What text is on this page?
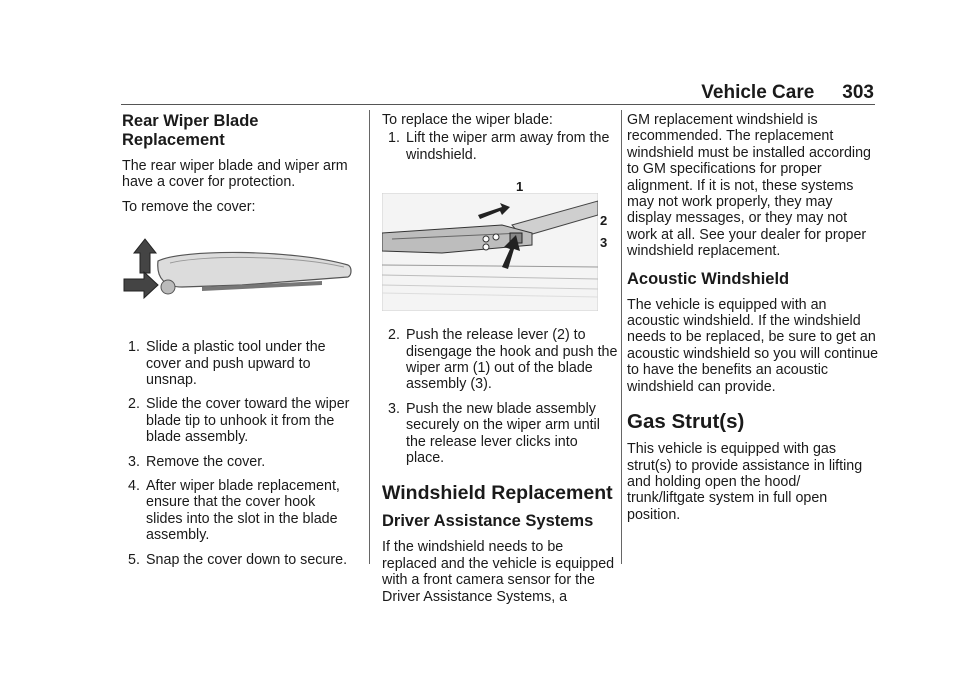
Vehicle Care 303
Rear Wiper Blade Replacement

The rear wiper blade and wiper arm have a cover for protection.

To remove the cover:

1. Slide a plastic tool under the cover and push upward to unsnap.
2. Slide the cover toward the wiper blade tip to unhook it from the blade assembly.
3. Remove the cover.
4. After wiper blade replacement, ensure that the cover hook slides into the slot in the blade assembly.
5. Snap the cover down to secure.

To replace the wiper blade:

1. Lift the wiper arm away from the windshield.
1
2
3
2. Push the release lever (2) to disengage the hook and push the wiper arm (1) out of the blade assembly (3).
3. Push the new blade assembly securely on the wiper arm until the release lever clicks into place.
Windshield Replacement
Driver Assistance Systems

If the windshield needs to be replaced and the vehicle is equipped with a front camera sensor for the Driver Assistance Systems, a

GM replacement windshield is recommended. The replacement windshield must be installed according to GM specifications for proper alignment. If it is not, these systems may not work properly, they may display messages, or they may not work at all. See your dealer for proper windshield replacement.

Acoustic Windshield

The vehicle is equipped with an acoustic windshield. If the windshield needs to be replaced, be sure to get an acoustic windshield so you will continue to have the benefits an acoustic windshield can provide.

Gas Strut(s)

This vehicle is equipped with gas strut(s) to provide assistance in lifting and holding open the hood/ trunk/liftgate system in full open position.
